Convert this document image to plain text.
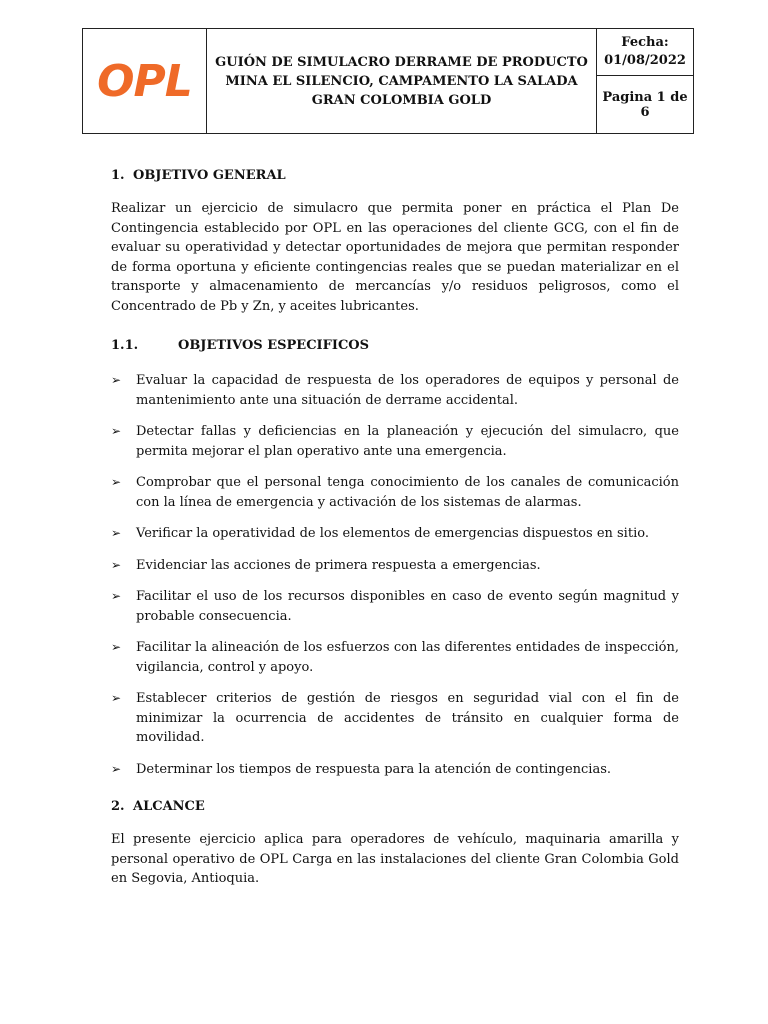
OPL	GUIÓN DE SIMULACRO DERRAME DE PRODUCTO
MINA EL SILENCIO, CAMPAMENTO LA SALADA
GRAN COLOMBIA GOLD

Fecha:
01/08/2022

Pagina 1 de 6
1. OBJETIVO GENERAL

Realizar un ejercicio de simulacro que permita poner en práctica el Plan De Contingencia establecido por OPL en las operaciones del cliente GCG, con el fin de evaluar su operatividad y detectar oportunidades de mejora que permitan responder de forma oportuna y eficiente contingencias reales que se puedan materializar en el transporte y almacenamiento de mercancías y/o residuos peligrosos, como el Concentrado de Pb y Zn, y aceites lubricantes.

1.1.	OBJETIVOS ESPECIFICOS
➢ Evaluar la capacidad de respuesta de los operadores de equipos y personal de mantenimiento ante una situación de derrame accidental.
➢ Detectar fallas y deficiencias en la planeación y ejecución del simulacro, que permita mejorar el plan operativo ante una emergencia.
➢ Comprobar que el personal tenga conocimiento de los canales de comunicación con la línea de emergencia y activación de los sistemas de alarmas.
➢ Verificar la operatividad de los elementos de emergencias dispuestos en sitio.
➢ Evidenciar las acciones de primera respuesta a emergencias.
➢ Facilitar el uso de los recursos disponibles en caso de evento según magnitud y probable consecuencia.
➢ Facilitar la alineación de los esfuerzos con las diferentes entidades de inspección, vigilancia, control y apoyo.
➢ Establecer criterios de gestión de riesgos en seguridad vial con el fin de minimizar la ocurrencia de accidentes de tránsito en cualquier forma de movilidad.
➢ Determinar los tiempos de respuesta para la atención de contingencias.
2. ALCANCE

El presente ejercicio aplica para operadores de vehículo, maquinaria amarilla y personal operativo de OPL Carga en las instalaciones del cliente Gran Colombia Gold en Segovia, Antioquia.
